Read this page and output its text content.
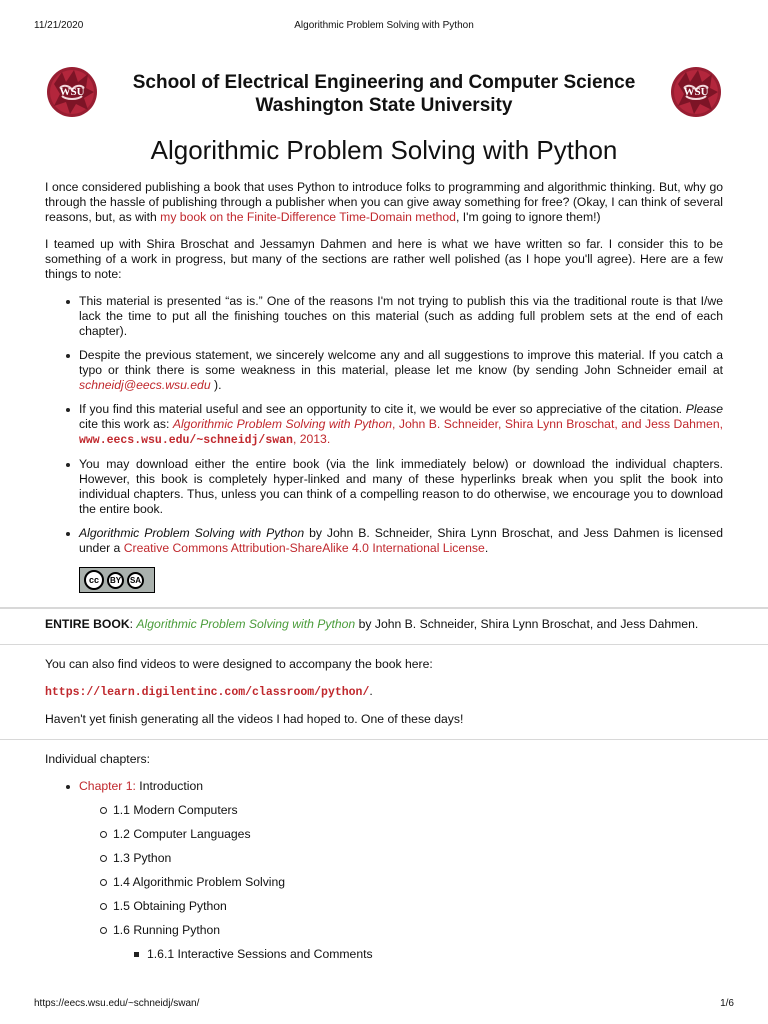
11/21/2020	Algorithmic Problem Solving with Python
WSU	WSU
School of Electrical Engineering and Computer Science
Washington State University
Algorithmic Problem Solving with Python

I once considered publishing a book that uses Python to introduce folks to programming and algorithmic thinking. But, why go through the hassle of publishing through a publisher when you can give away something for free? (Okay, I can think of several reasons, but, as with my book on the Finite-Difference Time-Domain method, I'm going to ignore them!)

I teamed up with Shira Broschat and Jessamyn Dahmen and here is what we have written so far. I consider this to be something of a work in progress, but many of the sections are rather well polished (as I hope you'll agree). Here are a few things to note:

This material is presented “as is.” One of the reasons I'm not trying to publish this via the traditional route is that I/we lack the time to put all the finishing touches on this material (such as adding full problem sets at the end of each chapter).
Despite the previous statement, we sincerely welcome any and all suggestions to improve this material. If you catch a typo or think there is some weakness in this material, please let me know (by sending John Schneider email at schneidj@eecs.wsu.edu ).
If you find this material useful and see an opportunity to cite it, we would be ever so appreciative of the citation. Please cite this work as: Algorithmic Problem Solving with Python, John B. Schneider, Shira Lynn Broschat, and Jess Dahmen, www.eecs.wsu.edu/~schneidj/swan, 2013.
You may download either the entire book (via the link immediately below) or download the individual chapters. However, this book is completely hyper-linked and many of these hyperlinks break when you split the book into individual chapters. Thus, unless you can think of a compelling reason to do otherwise, we encourage you to download the entire book.
Algorithmic Problem Solving with Python by John B. Schneider, Shira Lynn Broschat, and Jess Dahmen is licensed under a Creative Commons Attribution-ShareAlike 4.0 International License.
cc	BY	SA

ENTIRE BOOK: Algorithmic Problem Solving with Python by John B. Schneider, Shira Lynn Broschat, and Jess Dahmen.

You can also find videos to were designed to accompany the book here:

https://learn.digilentinc.com/classroom/python/.

Haven't yet finish generating all the videos I had hoped to. One of these days!

Individual chapters:

Chapter 1: Introduction
1.1 Modern Computers
1.2 Computer Languages
1.3 Python
1.4 Algorithmic Problem Solving
1.5 Obtaining Python
1.6 Running Python
1.6.1 Interactive Sessions and Comments
https://eecs.wsu.edu/~schneidj/swan/	1/6
